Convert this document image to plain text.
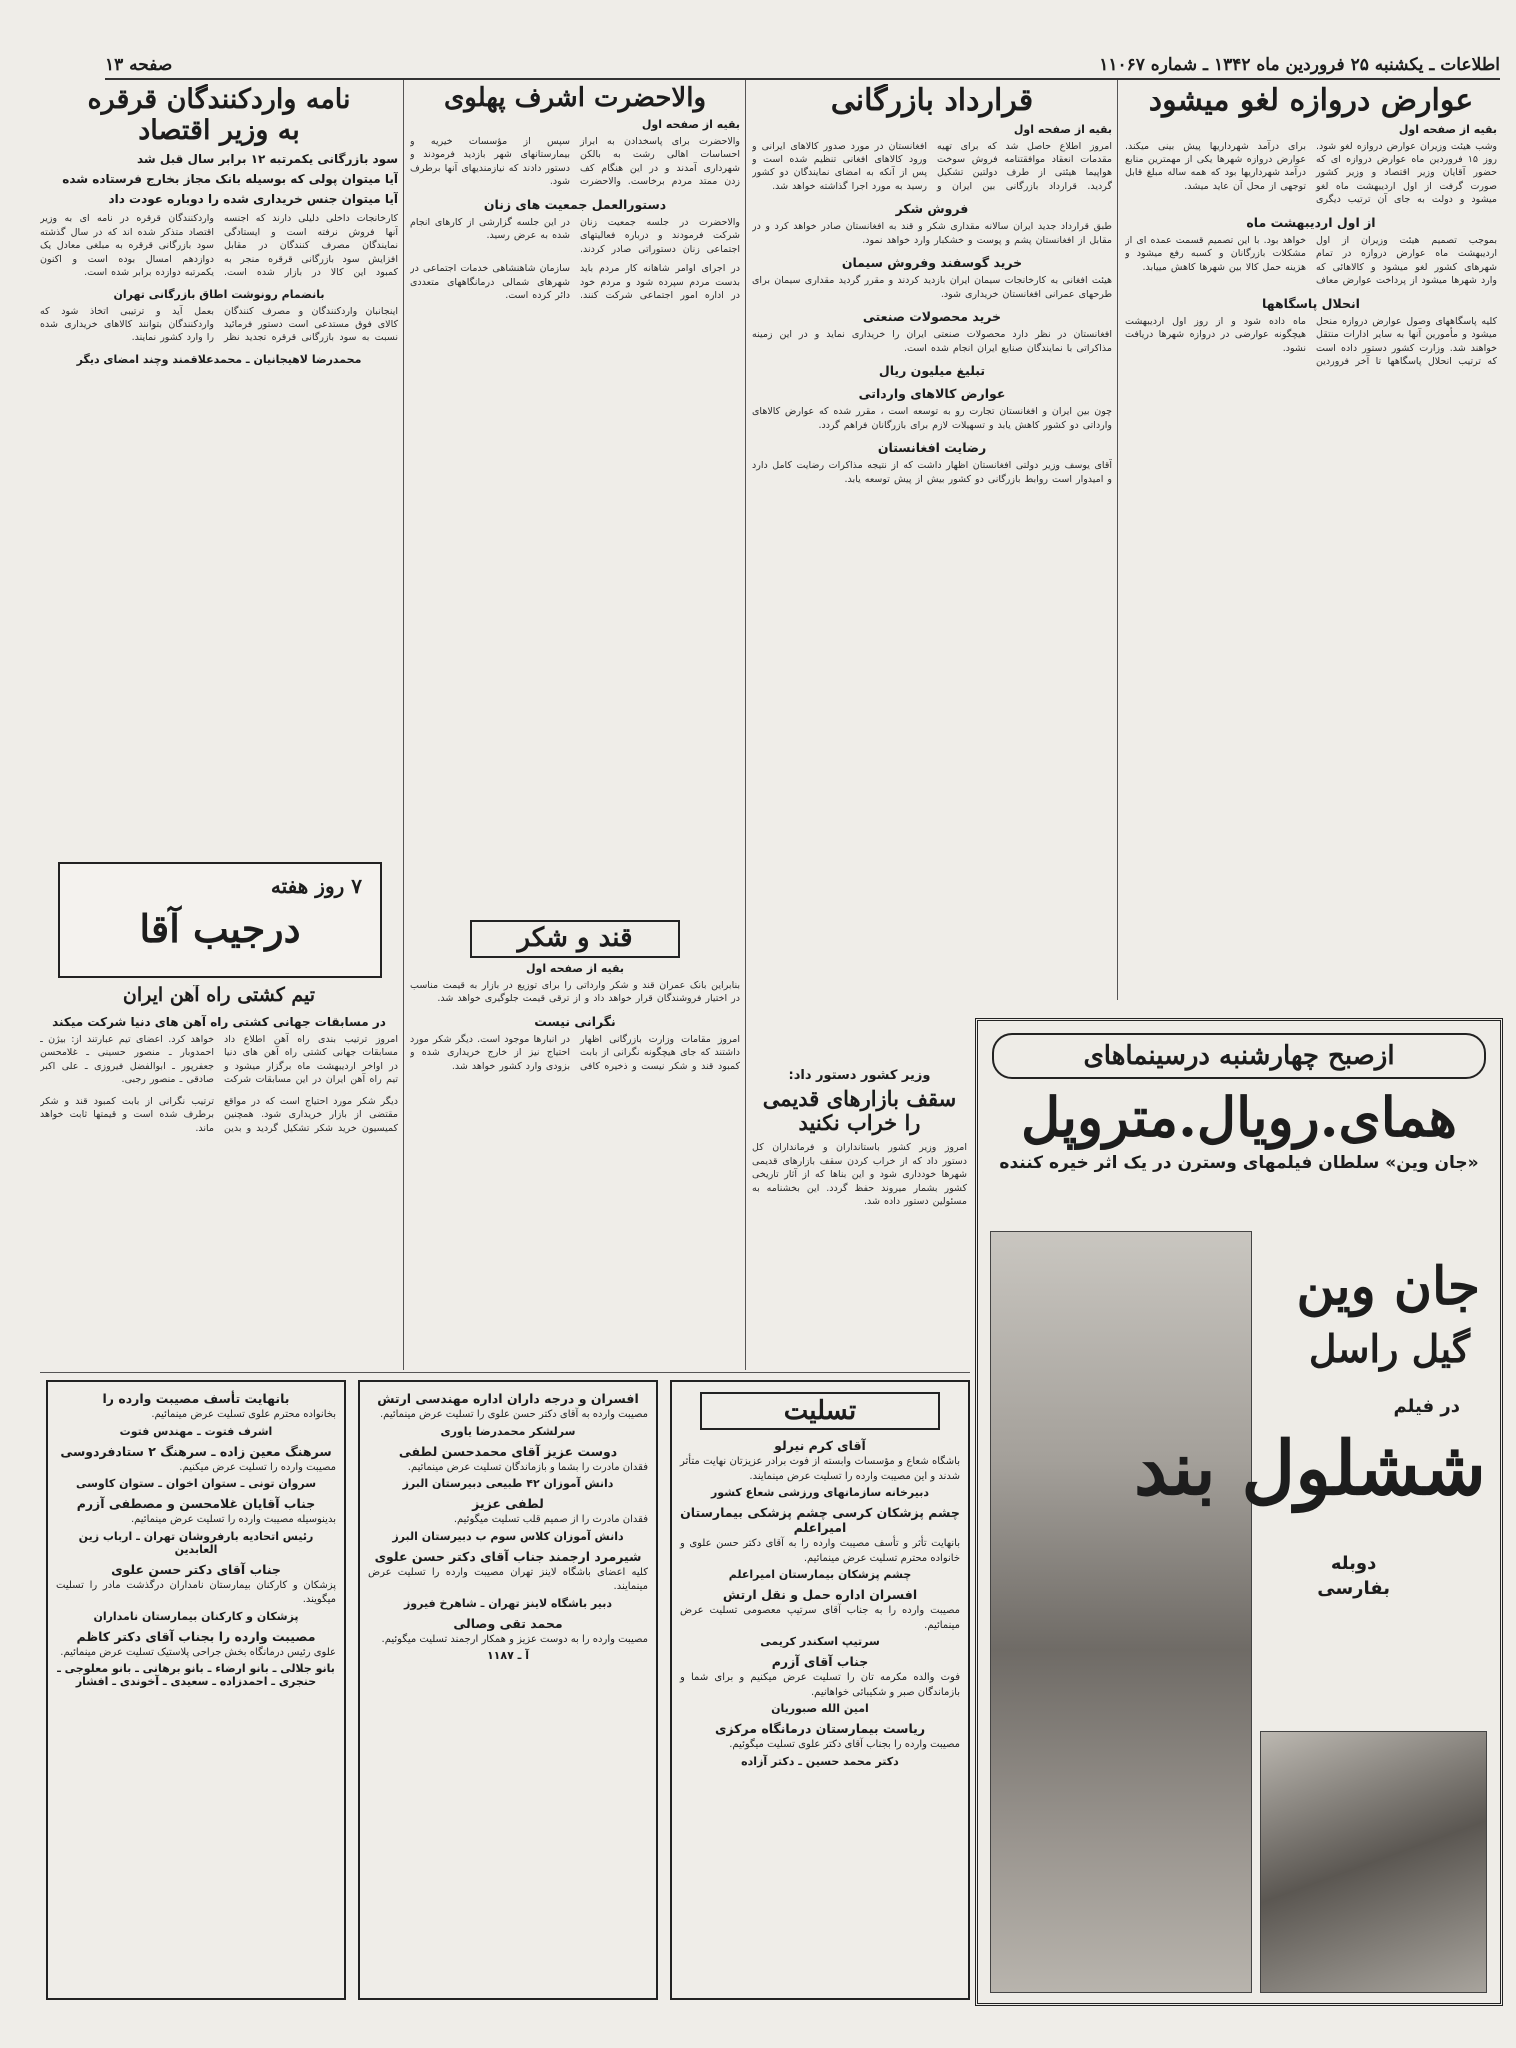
اطلاعات ـ یکشنبه ۲۵ فروردین ماه ۱۳۴۲ ـ شماره ۱۱۰۶۷
صفحه ۱۳
عوارض دروازه لغو میشود
بقیه از صفحه اول

وشب هیئت وزیران عوارض دروازه لغو شود. روز ۱۵ فروردین ماه عوارض دروازه ای که حضور آقایان وزیر اقتصاد و وزیر کشور صورت گرفت از اول اردیبهشت ماه لغو میشود و دولت به جای آن ترتیب دیگری برای درآمد شهرداریها پیش بینی میکند. عوارض دروازه شهرها یکی از مهمترین منابع درآمد شهرداریها بود که همه ساله مبلغ قابل توجهی از محل آن عاید میشد.

از اول اردیبهشت ماه

بموجب تصمیم هیئت وزیران از اول اردیبهشت ماه عوارض دروازه در تمام شهرهای کشور لغو میشود و کالاهائی که وارد شهرها میشود از پرداخت عوارض معاف خواهد بود. با این تصمیم قسمت عمده ای از مشکلات بازرگانان و کسبه رفع میشود و هزینه حمل کالا بین شهرها کاهش مییابد.

انحلال پاسگاهها

کلیه پاسگاههای وصول عوارض دروازه منحل میشود و مأمورین آنها به سایر ادارات منتقل خواهند شد. وزارت کشور دستور داده است که ترتیب انحلال پاسگاهها تا آخر فروردین ماه داده شود و از روز اول اردیبهشت هیچگونه عوارضی در دروازه شهرها دریافت نشود.

قرارداد بازرگانی
بقیه از صفحه اول

امروز اطلاع حاصل شد که برای تهیه مقدمات انعقاد موافقتنامه فروش سوخت هواپیما هیئتی از طرف دولتین تشکیل گردید. قرارداد بازرگانی بین ایران و افغانستان در مورد صدور کالاهای ایرانی و ورود کالاهای افغانی تنظیم شده است و پس از آنکه به امضای نمایندگان دو کشور رسید به مورد اجرا گذاشته خواهد شد.

فروش شکر

طبق قرارداد جدید ایران سالانه مقداری شکر و قند به افغانستان صادر خواهد کرد و در مقابل از افغانستان پشم و پوست و خشکبار وارد خواهد نمود.

خرید گوسفند وفروش سیمان

هیئت افغانی به کارخانجات سیمان ایران بازدید کردند و مقرر گردید مقداری سیمان برای طرحهای عمرانی افغانستان خریداری شود.

خرید محصولات صنعتی

افغانستان در نظر دارد محصولات صنعتی ایران را خریداری نماید و در این زمینه مذاکراتی با نمایندگان صنایع ایران انجام شده است.

تبلیغ میلیون ریال
عوارض کالاهای وارداتی

چون بین ایران و افغانستان تجارت رو به توسعه است ، مقرر شده که عوارض کالاهای وارداتی دو کشور کاهش یابد و تسهیلات لازم برای بازرگانان فراهم گردد.

رضایت افغانستان

آقای یوسف وزیر دولتی افغانستان اظهار داشت که از نتیجه مذاکرات رضایت کامل دارد و امیدوار است روابط بازرگانی دو کشور بیش از پیش توسعه یابد.

وزیر کشور دستور داد:
سقف بازارهای قدیمی را خراب نکنید

امروز وزیر کشور باستانداران و فرمانداران کل دستور داد که از خراب کردن سقف بازارهای قدیمی شهرها خودداری شود و این بناها که از آثار تاریخی کشور بشمار میروند حفظ گردد. این بخشنامه به مسئولین دستور داده شد.

والاحضرت اشرف پهلوی
بقیه از صفحه اول

والاحضرت برای پاسخدادن به ابراز احساسات اهالی رشت به بالکن شهرداری آمدند و در این هنگام کف زدن ممتد مردم برخاست. والاحضرت سپس از مؤسسات خیریه و بیمارستانهای شهر بازدید فرمودند و دستور دادند که نیازمندیهای آنها برطرف شود.

دستورالعمل جمعیت های زنان

والاحضرت در جلسه جمعیت زنان شرکت فرمودند و درباره فعالیتهای اجتماعی زنان دستوراتی صادر کردند. در این جلسه گزارشی از کارهای انجام شده به عرض رسید.

در اجرای اوامر شاهانه کار مردم باید بدست مردم سپرده شود و مردم خود در اداره امور اجتماعی شرکت کنند. سازمان شاهنشاهی خدمات اجتماعی در شهرهای شمالی درمانگاههای متعددی دائر کرده است.

قند و شکر
بقیه از صفحه اول

بنابراین بانک عمران قند و شکر وارداتی را برای توزیع در بازار به قیمت مناسب در اختیار فروشندگان قرار خواهد داد و از ترقی قیمت جلوگیری خواهد شد.

نگرانی نیست

امروز مقامات وزارت بازرگانی اظهار داشتند که جای هیچگونه نگرانی از بابت کمبود قند و شکر نیست و ذخیره کافی در انبارها موجود است. دیگر شکر مورد احتیاج نیز از خارج خریداری شده و بزودی وارد کشور خواهد شد.

نامه واردکنندگان قرقره
به وزیر اقتصاد
سود بازرگانی یکمرتبه ۱۲ برابر سال قبل شد
آیا میتوان پولی که بوسیله بانک مجاز بخارج فرستاده شده
آیا میتوان جنس خریداری شده را دوباره عودت داد

کارخانجات داخلی دلیلی دارند که اجنسه آنها فروش نرفته است و ایستادگی نمایندگان مصرف کنندگان در مقابل افزایش سود بازرگانی قرقره منجر به کمبود این کالا در بازار شده است. واردکنندگان قرقره در نامه ای به وزیر اقتصاد متذکر شده اند که در سال گذشته سود بازرگانی قرقره به مبلغی معادل یک دوازدهم امسال بوده است و اکنون یکمرتبه دوازده برابر شده است.

بانضمام رونوشت اطاق بازرگانی تهران

اینجانبان واردکنندگان و مصرف کنندگان کالای فوق مستدعی است دستور فرمائید نسبت به سود بازرگانی قرقره تجدید نظر بعمل آید و ترتیبی اتخاذ شود که واردکنندگان بتوانند کالاهای خریداری شده را وارد کشور نمایند.

محمدرضا لاهیجانیان ـ محمدعلاقمند وچند امضای دیگر
۷ روز هفته
درجیب آقا
تیم کشتی راه آهن ایران
در مسابقات جهانی کشتی راه آهن های دنیا شرکت میکند

امروز ترتیب بندی راه آهن اطلاع داد مسابقات جهانی کشتی راه آهن های دنیا در اواخر اردیبهشت ماه برگزار میشود و تیم راه آهن ایران در این مسابقات شرکت خواهد کرد. اعضای تیم عبارتند از: بیژن ـ احمدوبار ـ منصور حسینی ـ غلامحسن جعفرپور ـ ابوالفضل فیروزی ـ علی اکبر صادقی ـ منصور رجبی.

دیگر شکر مورد احتیاج است که در مواقع مقتضی از بازار خریداری شود. همچنین کمیسیون خرید شکر تشکیل گردید و بدین ترتیب نگرانی از بابت کمبود قند و شکر برطرف شده است و قیمتها ثابت خواهد ماند.

ازصبح چهارشنبه درسینماهای
همای.رویال.متروپل
«جان وین» سلطان فیلمهای وسترن در یک اثر خیره کننده
جان وین
گیل راسل
در فیلم
ششلول بند
دوبله
بفارسی
تسلیت
آقای کرم نیرلو

باشگاه شعاع و مؤسسات وابسته از فوت برادر عزیزتان نهایت متأثر شدند و این مصیبت وارده را تسلیت عرض مینمایند.

دبیرخانه سازمانهای ورزشی شعاع کشور
چشم پزشکان کرسی چشم پزشکی بیمارستان امیراعلم

بانهایت تأثر و تأسف مصیبت وارده را به آقای دکتر حسن علوی و خانواده محترم تسلیت عرض مینمائیم.

چشم پزشکان بیمارستان امیراعلم
افسران اداره حمل و نقل ارتش

مصیبت وارده را به جناب آقای سرتیپ معصومی تسلیت عرض مینمائیم.

سرتیپ اسکندر کریمی
جناب آقای آزرم

فوت والده مکرمه تان را تسلیت عرض میکنیم و برای شما و بازماندگان صبر و شکیبائی خواهانیم.

امین الله صبوریان
ریاست بیمارستان درمانگاه مرکزی

مصیبت وارده را بجناب آقای دکتر علوی تسلیت میگوئیم.

دکتر محمد حسین ـ دکتر آزاده
افسران و درجه داران اداره مهندسی ارتش

مصیبت وارده به آقای دکتر حسن علوی را تسلیت عرض مینمائیم.

سرلشکر محمدرضا یاوری
دوست عزیز آقای محمدحسن لطفی

فقدان مادرت را بشما و بازماندگان تسلیت عرض مینمائیم.

دانش آموزان ۴۲ طبیعی دبیرستان البرز
لطفی عزیز

فقدان مادرت را از صمیم قلب تسلیت میگوئیم.

دانش آموزان کلاس سوم ب دبیرستان البرز
شیرمرد ارجمند جناب آقای دکتر حسن علوی

کلیه اعضای باشگاه لاینز تهران مصیبت وارده را تسلیت عرض مینمایند.

دبیر باشگاه لاینز تهران ـ شاهرخ فیروز
محمد تقی وصالی

مصیبت وارده را به دوست عزیز و همکار ارجمند تسلیت میگوئیم.

آ ـ ۱۱۸۷
بانهایت تأسف مصیبت وارده را

بخانواده محترم علوی تسلیت عرض مینمائیم.

اشرف فتوت ـ مهندس فتوت
سرهنگ معین زاده ـ سرهنگ ۲ ستادفردوسی

مصیبت وارده را تسلیت عرض میکنیم.

سروان تونی ـ ستوان اخوان ـ ستوان کاوسی
جناب آقایان غلامحسن و مصطفی آزرم

بدینوسیله مصیبت وارده را تسلیت عرض مینمائیم.

رئیس اتحادیه بارفروشان تهران ـ ارباب زین العابدین
جناب آقای دکتر حسن علوی

پزشکان و کارکنان بیمارستان نامداران درگذشت مادر را تسلیت میگویند.

پزشکان و کارکنان بیمارستان نامداران
مصیبت وارده را بجناب آقای دکتر کاظم

علوی رئیس درمانگاه بخش جراحی پلاستیک تسلیت عرض مینمائیم.

بانو جلالی ـ بانو ارضاء ـ بانو برهانی ـ بانو معلوجی ـ حنجری ـ احمدزاده ـ سعیدی ـ آخوندی ـ افشار
